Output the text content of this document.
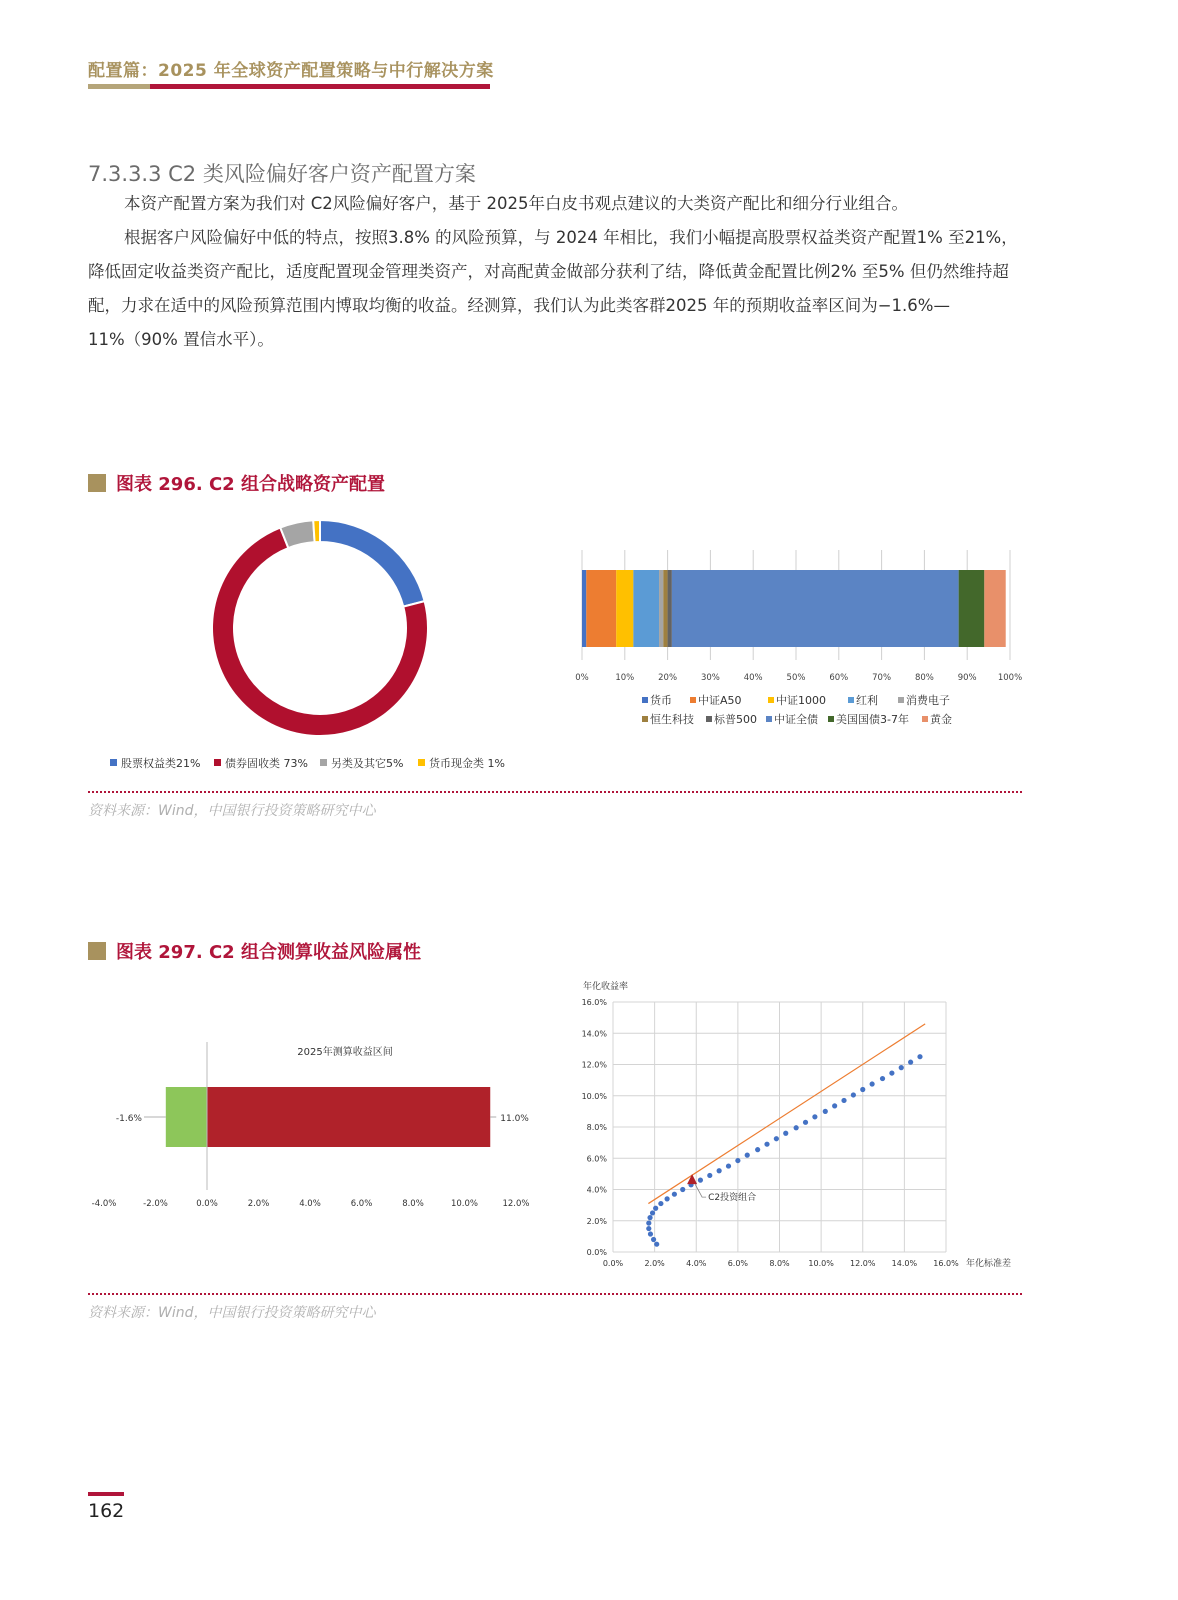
配置篇：2025 年全球资产配置策略与中行解决方案
7.3.3.3 C2 类风险偏好客户资产配置方案
本资产配置方案为我们对 C2风险偏好客户，基于 2025年白皮书观点建议的大类资产配比和细分行业组合。
根据客户风险偏好中低的特点，按照3.8% 的风险预算，与 2024 年相比，我们小幅提高股票权益类资产配置1% 至21%，降低固定收益类资产配比，适度配置现金管理类资产，对高配黄金做部分获利了结，降低黄金配置比例2% 至5% 但仍然维持超配，力求在适中的风险预算范围内博取均衡的收益。经测算，我们认为此类客群2025 年的预期收益率区间为−1.6%—11%（90% 置信水平）。
图表 296. C2 组合战略资产配置
股票权益类21% 债券固收类 73% 另类及其它5% 货币现金类 1%
0%	10%	20%	30%	40%	50%	60%	70%	80%	90% 100%
货币 中证A50	中证1000	红利	消费电子
恒生科技 标普500 中证全债 美国国债3-7年 黄金
资料来源：Wind，中国银行投资策略研究中心
图表 297. C2 组合测算收益风险属性
2025年测算收益区间
-1.6%	11.0%
-4.0%	-2.0%	0.0%	2.0%	4.0%	6.0%	8.0%	10.0%	12.0%
0.0%	2.0%	4.0%	6.0%	8.0% 10.0% 12.0% 14.0% 16.0%
0.0%
2.0%
4.0%
6.0%
8.0%
10.0%
12.0%
14.0%
16.0%
年化收益率
年化标准差
C2投资组合
资料来源：Wind，中国银行投资策略研究中心
162
